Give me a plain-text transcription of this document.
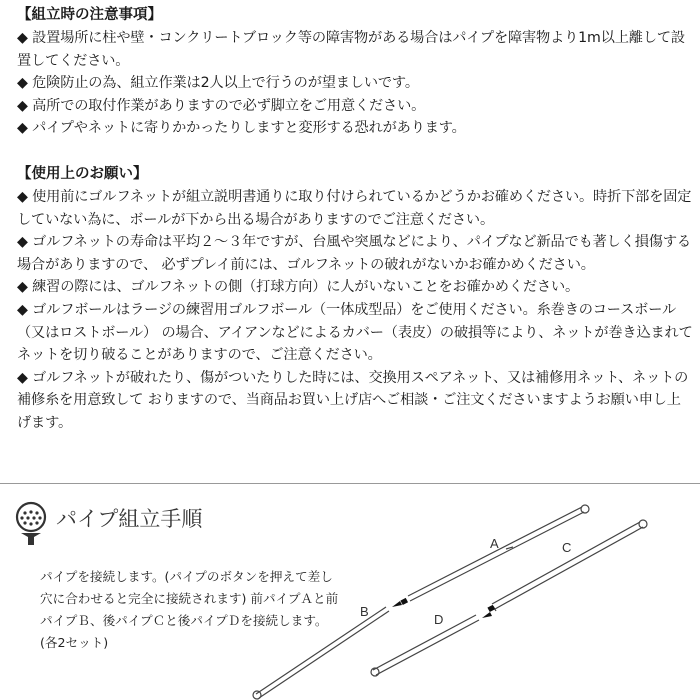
【組立時の注意事項】
◆ 設置場所に柱や壁・コンクリートブロック等の障害物がある場合はパイプを障害物より1m以上離して設置してください。
◆ 危険防止の為、組立作業は2人以上で行うのが望ましいです。
◆ 高所での取付作業がありますので必ず脚立をご用意ください。
◆ パイプやネットに寄りかかったりしますと変形する恐れがあります。
【使用上のお願い】
◆ 使用前にゴルフネットが組立説明書通りに取り付けられているかどうかお確めください。時折下部を固定していない為に、ボールが下から出る場合がありますのでご注意ください。
◆ ゴルフネットの寿命は平均２～３年ですが、台風や突風などにより、パイプなど新品でも著しく損傷する場合がありますので、 必ずプレイ前には、ゴルフネットの破れがないかお確かめください。
◆ 練習の際には、ゴルフネットの側（打球方向）に人がいないことをお確かめください。
◆ ゴルフボールはラージの練習用ゴルフボール（一体成型品）をご使用ください。糸巻きのコースボール（又はロストボール） の場合、アイアンなどによるカバー（表皮）の破損等により、ネットが巻き込まれてネットを切り破ることがありますので、ご注意ください。
◆ ゴルフネットが破れたり、傷がついたりした時には、交換用スペアネット、又は補修用ネット、ネットの補修糸を用意致して おりますので、当商品お買い上げ店へご相談・ご注文くださいますようお願い申し上げます。
パイプ組立手順
パイプを接続します。(パイプのボタンを押えて差し穴に合わせると完全に接続されます) 前パイプＡと前パイプＢ、後パイプＣと後パイプＤを接続します。(各2セット)
A
B
C
D
